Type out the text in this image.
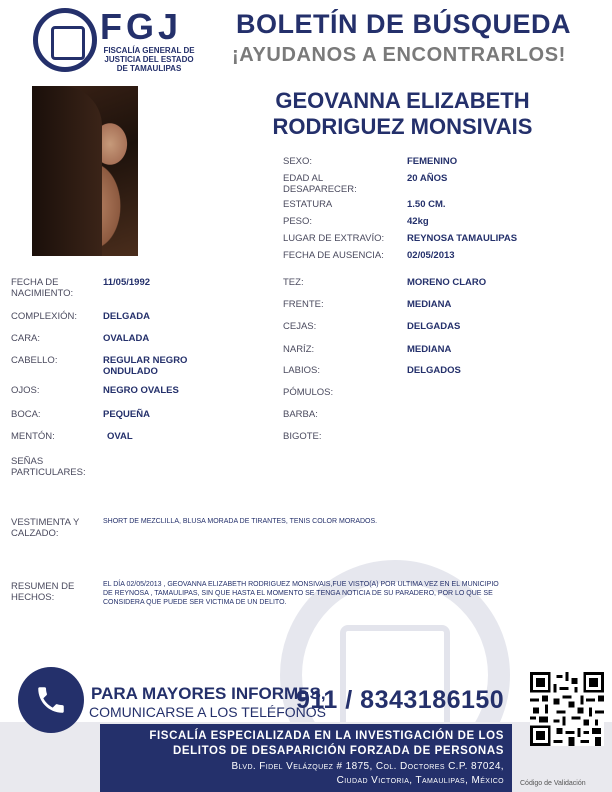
FGJ
FISCALÍA GENERAL DE
JUSTICIA DEL ESTADO
DE TAMAULIPAS
BOLETÍN DE BÚSQUEDA
¡AYUDANOS A ENCONTRARLOS!
GEOVANNA ELIZABETH
RODRIGUEZ MONSIVAIS
SEXO:	FEMENINO
EDAD AL
DESAPARECER:
20 AÑOS
ESTATURA	1.50 CM.
PESO:	42kg
LUGAR DE EXTRAVÍO: REYNOSA TAMAULIPAS
FECHA DE AUSENCIA: 02/05/2013
FECHA DE
NACIMIENTO:
11/05/1992
COMPLEXIÓN:	DELGADA
CARA:	OVALADA
CABELLO:	REGULAR NEGRO
ONDULADO
OJOS:	NEGRO OVALES
BOCA:	PEQUEÑA
MENTÓN:	OVAL
SEÑAS
PARTICULARES:
TEZ:	MORENO CLARO
FRENTE:	MEDIANA
CEJAS:	DELGADAS
NARÍZ:	MEDIANA
LABIOS:	DELGADOS
PÓMULOS:
BARBA:
BIGOTE:
VESTIMENTA Y
CALZADO:
SHORT DE MEZCLILLA, BLUSA MORADA DE TIRANTES, TENIS COLOR MORADOS.
RESUMEN DE
HECHOS:
EL DÍA 02/05/2013 , GEOVANNA ELIZABETH RODRIGUEZ MONSIVAIS,FUE VISTO(A) POR ULTIMA VEZ EN EL MUNICIPIO
DE REYNOSA , TAMAULIPAS, SIN QUE HASTA EL MOMENTO SE TENGA NOTICIA DE SU PARADERO, POR LO QUE SE
CONSIDERA QUE PUEDE SER VICTIMA DE UN DELITO.
PARA MAYORES INFORMES,
COMUNICARSE A LOS TELÉFONOS
911 / 8343186150
FISCALÍA ESPECIALIZADA EN LA INVESTIGACIÓN DE LOS
DELITOS DE DESAPARICIÓN FORZADA DE PERSONAS
Blvd. Fidel Velázquez # 1875, Col. Doctores C.P. 87024,
Ciudad Victoria, Tamaulipas, México Código de Validación
